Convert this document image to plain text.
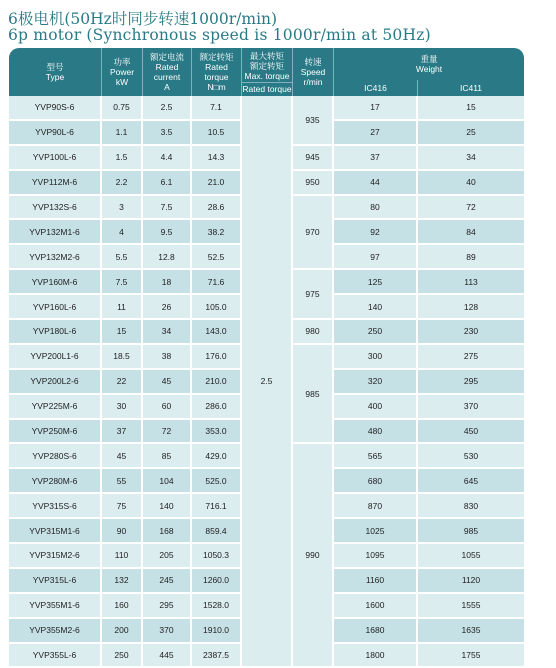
6极电机(50Hz时同步转速1000r/min)
6p motor (Synchronous speed is 1000r/min at 50Hz)
型号
Type	功率
Power
kW	额定电流
Rated current
A	额定转矩
Rated torque
N□m	最大转矩
额定转矩
Max. torque
Rated torque	转速
Speed
r/min	重量
Weight	
						IC416	IC411
YVP90S-6	0.75	2.5	7.1	2.5	935	17	15
YVP90L-6	1.1	3.5	10.5			27	25
YVP100L-6	1.5	4.4	14.3		945	37	34
YVP112M-6	2.2	6.1	21.0		950	44	40
YVP132S-6	3	7.5	28.6		970	80	72
YVP132M1-6	4	9.5	38.2			92	84
YVP132M2-6	5.5	12.8	52.5			97	89
YVP160M-6	7.5	18	71.6		975	125	113
YVP160L-6	11	26	105.0			140	128
YVP180L-6	15	34	143.0		980	250	230
YVP200L1-6	18.5	38	176.0		985	300	275
YVP200L2-6	22	45	210.0			320	295
YVP225M-6	30	60	286.0			400	370
YVP250M-6	37	72	353.0			480	450
YVP280S-6	45	85	429.0		990	565	530
YVP280M-6	55	104	525.0			680	645
YVP315S-6	75	140	716.1			870	830
YVP315M1-6	90	168	859.4			1025	985
YVP315M2-6	110	205	1050.3			1095	1055
YVP315L-6	132	245	1260.0			1160	1120
YVP355M1-6	160	295	1528.0			1600	1555
YVP355M2-6	200	370	1910.0			1680	1635
YVP355L-6	250	445	2387.5			1800	1755
